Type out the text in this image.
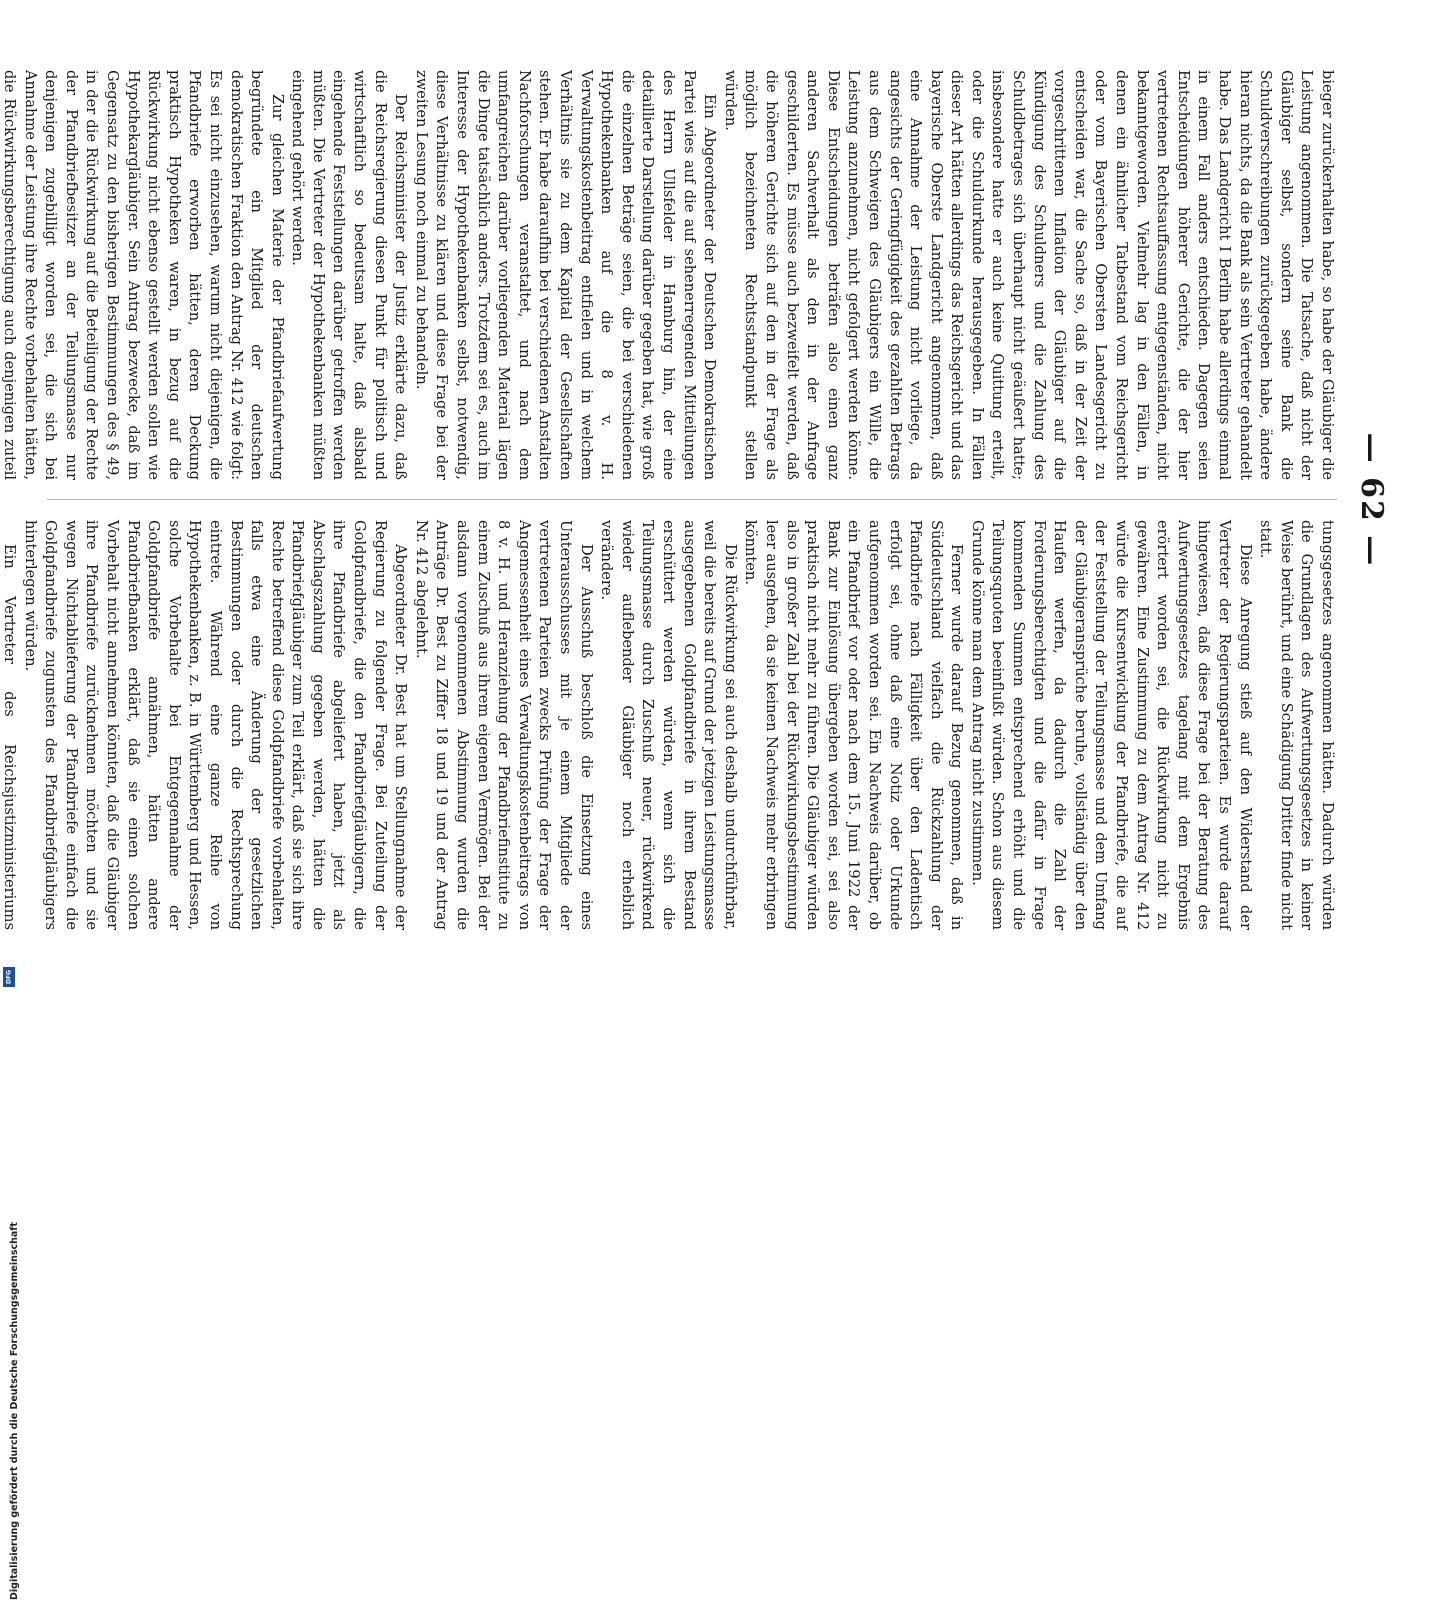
— 62 —

bieger zurückerhalten habe, so habe der Gläubiger die Leistung angenommen. Die Tatsache, daß nicht der Gläubiger selbst, sondern seine Bank die Schuldverschreibungen zurückgegeben habe, ändere hieran nichts, da die Bank als sein Vertreter gehandelt habe. Das Landgericht I Berlin habe allerdings einmal in einem Fall anders entschieden. Dagegen seien Entscheidungen höherer Gerichte, die der hier vertretenen Rechtsauffassung entgegenständen, nicht bekanntgeworden. Vielmehr lag in den Fällen, in denen ein ähnlicher Tatbestand vom Reichsgericht oder vom Bayerischen Obersten Landesgericht zu entscheiden war, die Sache so, daß in der Zeit der vorgeschrittenen Inflation der Gläubiger auf die Kündigung des Schuldners und die Zahlung des Schuldbetrages sich überhaupt nicht geäußert hatte; insbesondere hatte er auch keine Quittung erteilt, oder die Schuldurkunde herausgegeben. In Fällen dieser Art hätten allerdings das Reichsgericht und das bayerische Oberste Landgericht angenommen, daß eine Annahme der Leistung nicht vorliege, da angesichts der Geringfügigkeit des gezahlten Betrags aus dem Schweigen des Gläubigers ein Wille, die Leistung anzunehmen, nicht gefolgert werden könne. Diese Entscheidungen beträfen also einen ganz anderen Sachverhalt als den in der Anfrage geschilderten. Es müsse auch bezweifelt werden, daß die höheren Gerichte sich auf den in der Frage als möglich bezeichneten Rechtsstandpunkt stellen würden.

Ein Abgeordneter der Deutschen Demokratischen Partei wies auf die auf sehenerregenden Mitteilungen des Herrn Ullsfelder in Hamburg hin, der eine detaillierte Darstellung darüber gegeben hat, wie groß die einzelnen Beträge seien, die bei verschiedenen Hypothekenbanken auf die 8 v. H. Verwaltungskostenbeitrag entfielen und in welchem Verhältnis sie zu dem Kapital der Gesellschaften stehen. Er habe daraufhin bei verschiedenen Anstalten Nachforschungen veranstaltet, und nach dem umfangreichen darüber vorliegenden Material lägen die Dinge tatsächlich anders. Trotzdem sei es, auch im Interesse der Hypothekenbanken selbst, notwendig, diese Verhältnisse zu klären und diese Frage bei der zweiten Lesung noch einmal zu behandeln.

Der Reichsminister der Justiz erklärte dazu, daß die Reichsregierung diesen Punkt für politisch und wirtschaftlich so bedeutsam halte, daß alsbald eingehende Feststellungen darüber getroffen werden müßten. Die Vertreter der Hypothekenbanken müßten eingehend gehört werden.

Zur gleichen Materie der Pfandbriefaufwertung begründete ein Mitglied der deutschen demokratischen Fraktion den Antrag Nr. 412 wie folgt: Es sei nicht einzusehen, warum nicht diejenigen, die Pfandbriefe erworben hätten, deren Deckung praktisch Hypotheken waren, in bezug auf die Rückwirkung nicht ebenso gestellt werden sollen wie Hypothekargläubiger. Sein Antrag bezwecke, daß im Gegensatz zu den bisherigen Bestimmungen des § 49, in der die Rückwirkung auf die Beteiligung der Rechte der Pfandbriefbesitzer an der Teilungsmasse nur denjenigen zugebilligt worden sei, die sich bei Annahme der Leistung ihre Rechte vorbehalten hätten, die Rückwirkungsberechtigung auch denjenigen zuteil

tungsgesetzes angenommen hätten. Dadurch würden die Grundlagen des Aufwertungsgesetzes in keiner Weise berührt, und eine Schädigung Dritter finde nicht statt.

Diese Anregung stieß auf den Widerstand der Vertreter der Regierungsparteien. Es wurde darauf hingewiesen, daß diese Frage bei der Beratung des Aufwertungsgesetzes tagelang mit dem Ergebnis erörtert worden sei, die Rückwirkung nicht zu gewähren. Eine Zustimmung zu dem Antrag Nr. 412 würde die Kursentwicklung der Pfandbriefe, die auf der Feststellung der Teilungsmasse und dem Umfang der Gläubigeransprüche beruhe, vollständig über den Haufen werfen, da dadurch die Zahl der Forderungsberechtigten und die dafür in Frage kommenden Summen entsprechend erhöht und die Teilungsquoten beeinflußt würden. Schon aus diesem Grunde könne man dem Antrag nicht zustimmen.

Ferner wurde darauf Bezug genommen, daß in Süddeutschland vielfach die Rückzahlung der Pfandbriefe nach Fälligkeit über den Ladentisch erfolgt sei, ohne daß eine Notiz oder Urkunde aufgenommen worden sei. Ein Nachweis darüber, ob ein Pfandbrief vor oder nach dem 15. Juni 1922 der Bank zur Einlösung übergeben worden sei, sei also praktisch nicht mehr zu führen. Die Gläubiger würden also in großer Zahl bei der Rückwirkungsbestimmung leer ausgehen, da sie keinen Nachweis mehr erbringen könnten.

Die Rückwirkung sei auch deshalb undurchführbar, weil die bereits auf Grund der jetzigen Leistungsmasse ausgegebenen Goldpfandbriefe in ihrem Bestand erschüttert werden würden, wenn sich die Teilungsmasse durch Zuschuß neuer, rückwirkend wieder auflebender Gläubiger noch erheblich verändere.

Der Ausschuß beschloß die Einsetzung eines Unterausschusses mit je einem Mitgliede der vertretenen Parteien zwecks Prüfung der Frage der Angemessenheit eines Verwaltungskostenbeitrags von 8 v. H. und Heranziehung der Pfandbriefinstitute zu einem Zuschuß aus ihrem eigenen Vermögen. Bei der alsdann vorgenommenen Abstimmung wurden die Anträge Dr. Best zu Ziffer 18 und 19 und der Antrag Nr. 412 abgelehnt.

Abgeordneter Dr. Best hat um Stellungnahme der Regierung zu folgender Frage. Bei Zuteilung der Goldpfandbriefe, die den Pfandbriefgläubigern, die ihre Pfandbriefe abgeliefert haben, jetzt als Abschlagszahlung gegeben werden, hätten die Pfandbriefgläubiger zum Teil erklärt, daß sie sich ihre Rechte betreffend diese Goldpfandbriefe vorbehalten, falls etwa eine Änderung der gesetzlichen Bestimmungen oder durch die Rechtsprechung eintrete. Während eine ganze Reihe von Hypothekenbanken, z. B. in Württemberg und Hessen, solche Vorbehalte bei Entgegennahme der Goldpfandbriefe annähmen, hätten andere Pfandbriefbanken erklärt, daß sie einen solchen Vorbehalt nicht annehmen könnten, daß die Gläubiger ihre Pfandbriefe zurücknehmen möchten und sie wegen Nichtablieferung der Pfandbriefe einfach die Goldpfandbriefe zugunsten des Pfandbriefgläubigers hinterlegen würden.

Ein Vertreter des Reichsjustizministeriums

Digitalisierung gefördert durch die Deutsche Forschungsgemeinschaft
DFG
